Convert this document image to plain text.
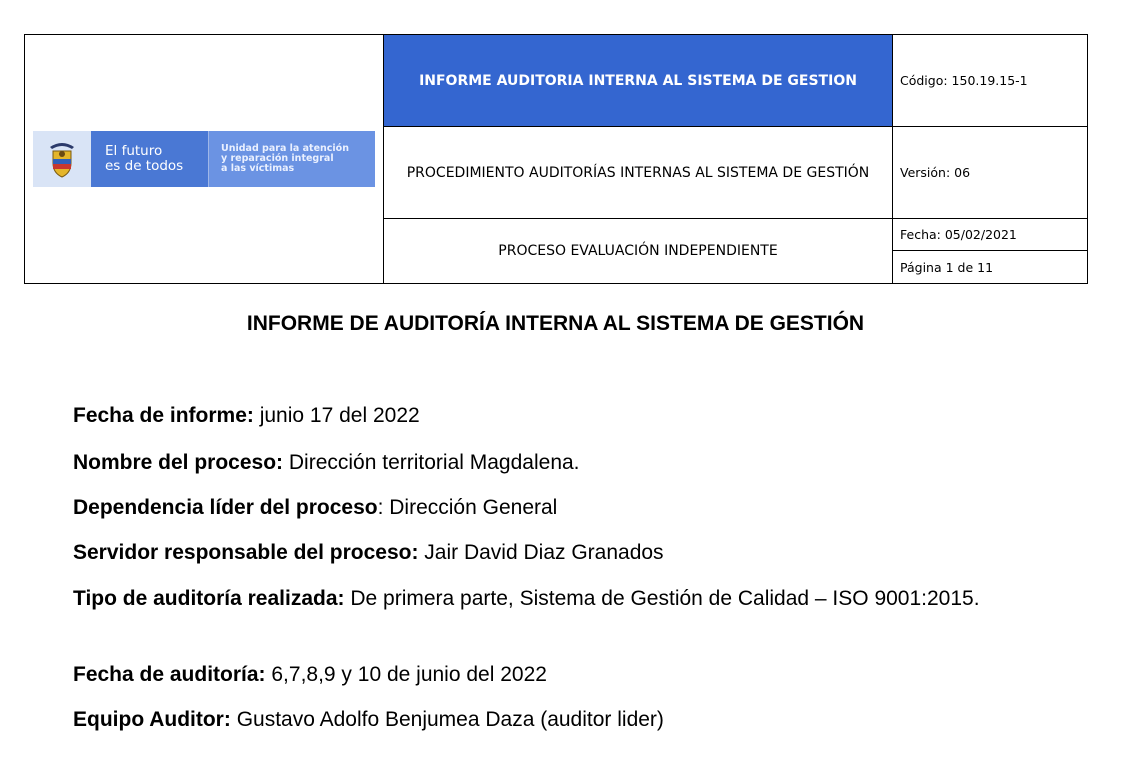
El futuro
es de todos
Unidad para la atención
y reparación integral
a las víctimas	INFORME AUDITORIA INTERNA AL SISTEMA DE GESTION	Código: 150.19.15-1
	PROCEDIMIENTO AUDITORÍAS INTERNAS AL SISTEMA DE GESTIÓN	Versión: 06
	PROCESO EVALUACIÓN INDEPENDIENTE	Fecha: 05/02/2021
Página 1 de 11
INFORME DE AUDITORÍA INTERNA AL SISTEMA DE GESTIÓN
Fecha de informe: junio 17 del 2022
Nombre del proceso: Dirección territorial Magdalena.
Dependencia líder del proceso: Dirección General
Servidor responsable del proceso: Jair David Diaz Granados
Tipo de auditoría realizada: De primera parte, Sistema de Gestión de Calidad – ISO 9001:2015.
Fecha de auditoría: 6,7,8,9 y 10 de junio del 2022
Equipo Auditor: Gustavo Adolfo Benjumea Daza (auditor lider)
